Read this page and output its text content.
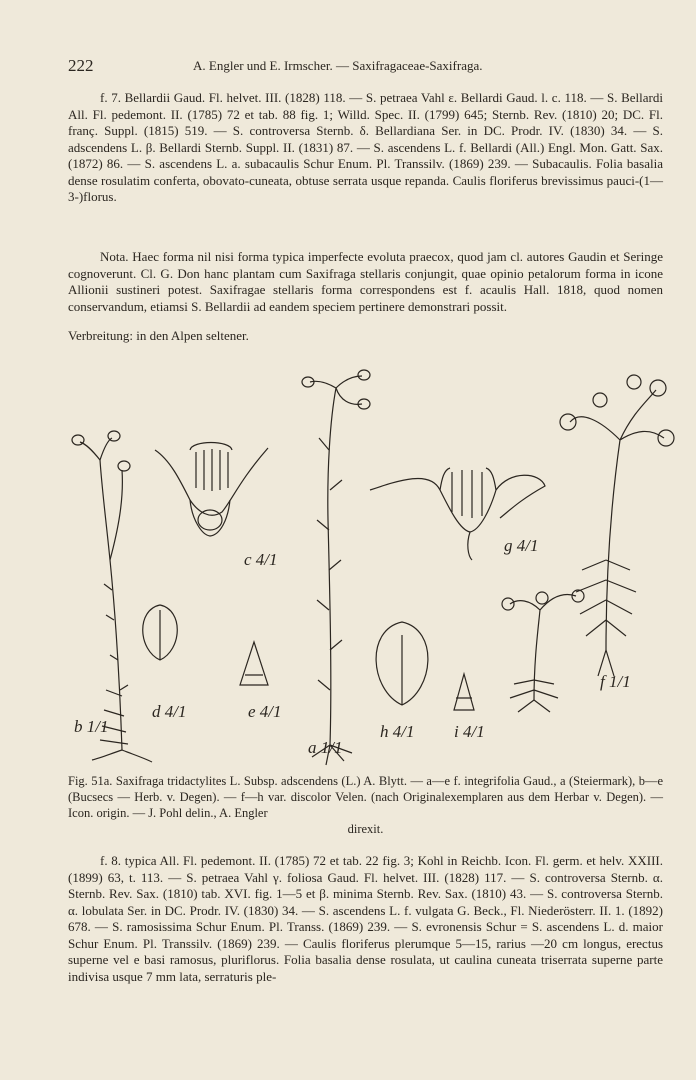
222	A. Engler und E. Irmscher. — Saxifragaceae-Saxifraga.

f. 7. Bellardii Gaud. Fl. helvet. III. (1828) 118. — S. petraea Vahl ε. Bellardi Gaud. l. c. 118. — S. Bellardi All. Fl. pedemont. II. (1785) 72 et tab. 88 fig. 1; Willd. Spec. II. (1799) 645; Sternb. Rev. (1810) 20; DC. Fl. franç. Suppl. (1815) 519. — S. controversa Sternb. δ. Bellardiana Ser. in DC. Prodr. IV. (1830) 34. — S. adscendens L. β. Bellardi Sternb. Suppl. II. (1831) 87. — S. ascendens L. f. Bellardi (All.) Engl. Mon. Gatt. Sax. (1872) 86. — S. ascendens L. a. subacaulis Schur Enum. Pl. Transsilv. (1869) 239. — Subacaulis. Folia basalia dense rosulatim conferta, obovato-cuneata, obtuse serrata usque repanda. Caulis floriferus brevissimus pauci-(1—3-)florus.

Nota. Haec forma nil nisi forma typica imperfecte evoluta praecox, quod jam cl. autores Gaudin et Seringe cognoverunt. Cl. G. Don hanc plantam cum Saxifraga stellaris conjungit, quae opinio petalorum forma in icone Allionii sustineri potest. Saxifragae stellaris forma correspondens est f. acaulis Hall. 1818, quod nomen conservandum, etiamsi S. Bellardii ad eandem speciem pertinere demonstrari possit.

Verbreitung: in den Alpen seltener.

b 1/1
c 4/1
d 4/1	e 4/1
a 1/1
h 4/1 i 4/1
g 4/1
f 1/1
Fig. 51a. Saxifraga tridactylites L. Subsp. adscendens (L.) A. Blytt. — a—e f. integrifolia Gaud., a (Steiermark), b—e (Bucsecs — Herb. v. Degen). — f—h var. discolor Velen. (nach Originalexemplaren aus dem Herbar v. Degen). — Icon. origin. — J. Pohl delin., A. Engler
direxit.

f. 8. typica All. Fl. pedemont. II. (1785) 72 et tab. 22 fig. 3; Kohl in Reichb. Icon. Fl. germ. et helv. XXIII. (1899) 63, t. 113. — S. petraea Vahl γ. foliosa Gaud. Fl. helvet. III. (1828) 117. — S. controversa Sternb. α. Sternb. Rev. Sax. (1810) tab. XVI. fig. 1—5 et β. minima Sternb. Rev. Sax. (1810) 43. — S. controversa Sternb. α. lobulata Ser. in DC. Prodr. IV. (1830) 34. — S. ascendens L. f. vulgata G. Beck., Fl. Niederösterr. II. 1. (1892) 678. — S. ramosissima Schur Enum. Pl. Transs. (1869) 239. — S. evronensis Schur = S. ascendens L. d. maior Schur Enum. Pl. Transsilv. (1869) 239. — Caulis floriferus plerumque 5—15, rarius —20 cm longus, erectus superne vel e basi ramosus, pluriflorus. Folia basalia dense rosulata, ut caulina cuneata triserrata superne parte indivisa usque 7 mm lata, serraturis ple-
